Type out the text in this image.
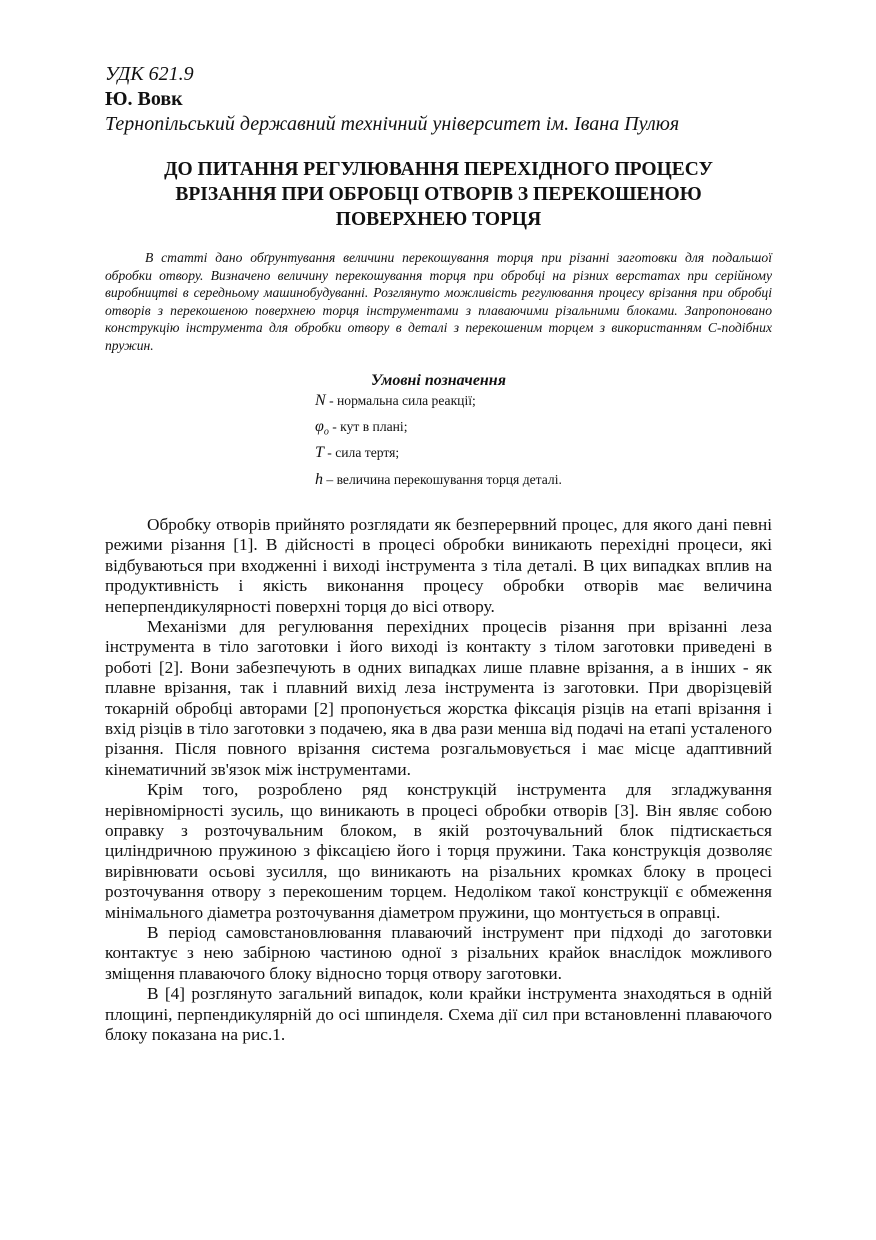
УДК 621.9
Ю. Вовк
Тернопільський державний технічний університет ім. Івана Пулюя
ДО ПИТАННЯ РЕГУЛЮВАННЯ ПЕРЕХІДНОГО ПРОЦЕСУ ВРІЗАННЯ ПРИ ОБРОБЦІ ОТВОРІВ З ПЕРЕКОШЕНОЮ ПОВЕРХНЕЮ ТОРЦЯ

В статті дано обґрунтування величини перекошування торця при різанні заготовки для подальшої обробки отвору. Визначено величину перекошування торця при обробці на різних верстатах при серійному виробництві в середньому машинобудуванні. Розглянуто можливість регулювання процесу врізання при обробці отворів з перекошеною поверхнею торця інструментами з плаваючими різальними блоками. Запропоновано конструкцію інструмента для обробки отвору в деталі з перекошеним торцем з використанням С-подібних пружин.

Умовні позначення
N - нормальна сила реакції;
$\varphi_o$ - кут в плані;
T - сила тертя;
h – величина перекошування торця деталі.

Обробку отворів прийнято розглядати як безперервний процес, для якого дані певні режими різання [1]. В дійсності в процесі обробки виникають перехідні процеси, які відбуваються при входженні і виході інструмента з тіла деталі. В цих випадках вплив на продуктивність і якість виконання процесу обробки отворів має величина неперпендикулярності поверхні торця до вісі отвору.

Механізми для регулювання перехідних процесів різання при врізанні леза інструмента в тіло заготовки і його виході із контакту з тілом заготовки приведені в роботі [2]. Вони забезпечують в одних випадках лише плавне врізання, а в інших - як плавне врізання, так і плавний вихід леза інструмента із заготовки. При дворізцевій токарній обробці авторами [2] пропонується жорстка фіксація різців на етапі врізання і вхід різців в тіло заготовки з подачею, яка в два рази менша від подачі на етапі усталеного різання. Після повного врізання система розгальмовується і має місце адаптивний кінематичний зв'язок між інструментами.

Крім того, розроблено ряд конструкцій інструмента для згладжування нерівномірності зусиль, що виникають в процесі обробки отворів [3]. Він являє собою оправку з розточувальним блоком, в якій розточувальний блок підтискається циліндричною пружиною з фіксацією його і торця пружини. Така конструкція дозволяє вирівнювати осьові зусилля, що виникають на різальних кромках блоку в процесі розточування отвору з перекошеним торцем. Недоліком такої конструкції є обмеження мінімального діаметра розточування діаметром пружини, що монтується в оправці.

В період самовстановлювання плаваючий інструмент при підході до заготовки контактує з нею забірною частиною одної з різальних крайок внаслідок можливого зміщення плаваючого блоку відносно торця отвору заготовки.

В [4] розглянуто загальний випадок, коли крайки інструмента знаходяться в одній площині, перпендикулярній до осі шпинделя. Схема дії сил при встановленні плаваючого блоку показана на рис.1.
